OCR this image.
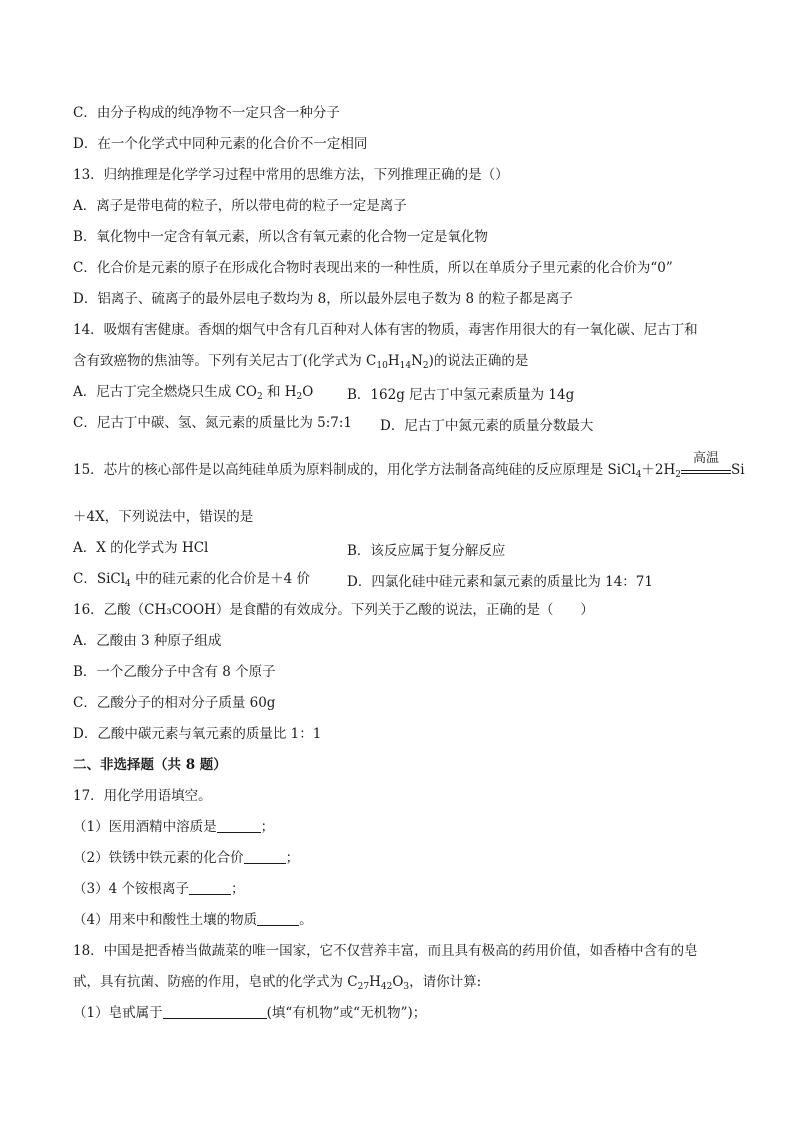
C．由分子构成的纯净物不一定只含一种分子
D．在一个化学式中同种元素的化合价不一定相同
13．归纳推理是化学学习过程中常用的思维方法，下列推理正确的是（）
A．离子是带电荷的粒子，所以带电荷的粒子一定是离子
B．氧化物中一定含有氧元素，所以含有氧元素的化合物一定是氧化物
C．化合价是元素的原子在形成化合物时表现出来的一种性质，所以在单质分子里元素的化合价为“0”
D．铝离子、硫离子的最外层电子数均为 8，所以最外层电子数为 8 的粒子都是离子
14．吸烟有害健康。香烟的烟气中含有几百种对人体有害的物质，毒害作用很大的有一氧化碳、尼古丁和
含有致癌物的焦油等。下列有关尼古丁(化学式为 $C_{10}H_{14}N_2$)的说法正确的是
A．尼古丁完全燃烧只生成 $CO_2$ 和 $H_2O$ B．162g 尼古丁中氢元素质量为 14g
C．尼古丁中碳、氢、氮元素的质量比为 5:7:1 D．尼古丁中氮元素的质量分数最大
15．芯片的核心部件是以高纯硅单质为原料制成的，用化学方法制备高纯硅的反应原理是 $SiCl_4+2H_2$
高温
Si
＋4X，下列说法中，错误的是
A．X 的化学式为 HCl	B．该反应属于复分解反应
C．SiCl$_4$ 中的硅元素的化合价是＋4 价	D．四氯化硅中硅元素和氯元素的质量比为 14：71
16．乙酸（CH₃COOH）是食醋的有效成分。下列关于乙酸的说法，正确的是（　　）
A．乙酸由 3 种原子组成
B．一个乙酸分子中含有 8 个原子
C．乙酸分子的相对分子质量 60g
D．乙酸中碳元素与氧元素的质量比 1：1
二、非选择题（共 8 题）
17．用化学用语填空。
（1）医用酒精中溶质是	；
（2）铁锈中铁元素的化合价	；
（3）4 个铵根离子	；
（4）用来中和酸性土壤的物质	。
18．中国是把香椿当做蔬菜的唯一国家，它不仅营养丰富，而且具有极高的药用价值，如香椿中含有的皂
甙，具有抗菌、防癌的作用，皂甙的化学式为 $C_{27}H_{42}O_3$，请你计算:
（1）皂甙属于	(填“有机物”或“无机物”)；
